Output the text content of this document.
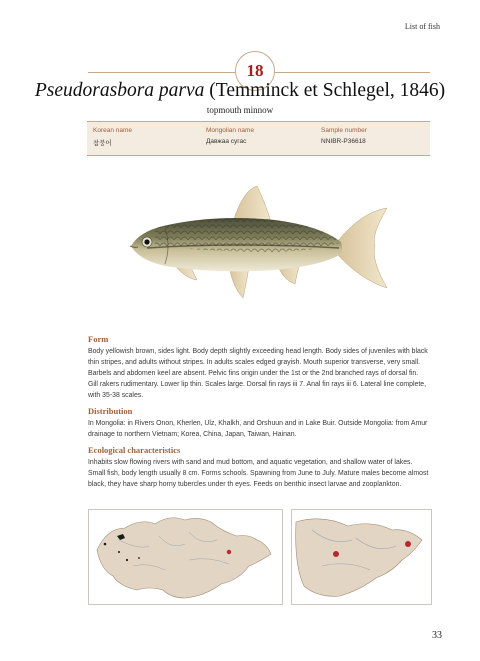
List of fish
18
Pseudorasbora parva (Temminck et Schlegel, 1846)
topmouth minnow
Korean name
참붕어
Mongolian name
Давжаа сугас
Sample number
NNIBR-P36618
Form
Body yellowish brown, sides light. Body depth slightly exceeding head length. Body sides of juveniles with black thin stripes, and adults without stripes. In adults scales edged grayish. Mouth superior transverse, very small. Barbels and abdomen keel are absent. Pelvic fins origin under the 1st or the 2nd branched rays of dorsal fin. Gill rakers rudimentary. Lower lip thin. Scales large. Dorsal fin rays iii 7. Anal fin rays iii 6. Lateral line complete, with 35-38 scales.
Distribution
In Mongolia: in Rivers Onon, Kherlen, Ulz, Khalkh, and Orshuun and in Lake Buir. Outside Mongolia: from Amur drainage to northern Vietnam; Korea, China, Japan, Taiwan, Hainan.
Ecological characteristics
Inhabits slow flowing rivers with sand and mud bottom, and aquatic vegetation, and shallow water of lakes. Small fish, body length usually 8 cm. Forms schools. Spawning from June to July. Mature males become almost black, they have sharp horny tubercles under th eyes. Feeds on benthic insect larvae and zooplankton.
33
